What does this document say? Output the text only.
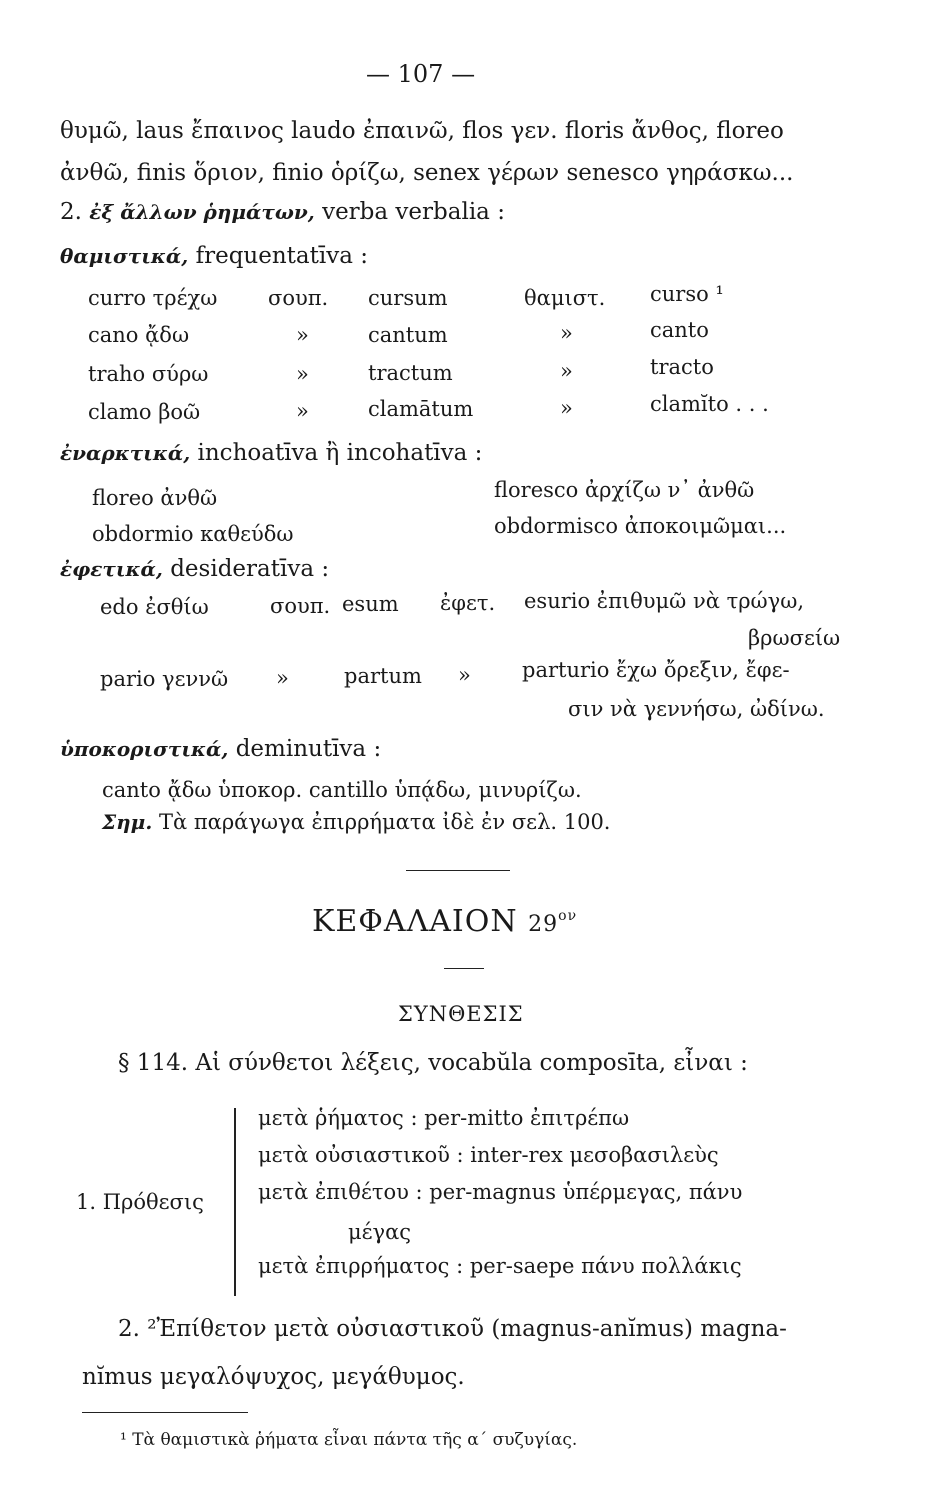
— 107 —
θυμῶ, laus ἔπαινος laudo ἐπαινῶ, flos γεν. floris ἄνθος, floreo
ἀνθῶ, finis ὅριον, finio ὁρίζω, senex γέρων senesco γηράσκω...
2. ἐξ ἄλλων ῥημάτων, verba verbalia :
θαμιστικά, frequentatīva :
curro τρέχω σουπ. cursum	θαμιστ. curso ¹
cano ᾄδω	»	cantum	»	canto
traho σύρω	»	tractum	»	tracto
clamo βοῶ	»	clamātum	»	clamĭto . . .
ἐναρκτικά, inchoatīva ἢ incohatīva :
floreo ἀνθῶ	floresco ἀρχίζω ν᾽ ἀνθῶ
obdormio καθεύδω	obdormisco ἀποκοιμῶμαι...
ἐφετικά, desideratīva :
edo ἐσθίω	σουπ. esum ἐφετ. esurio ἐπιθυμῶ νὰ τρώγω,
βρωσείω
pario γεννῶ »	partum » parturio ἔχω ὄρεξιν, ἔφε-
σιν νὰ γεννήσω, ὠδίνω.
ὑποκοριστικά, deminutīva :
canto ᾄδω ὑποκορ. cantillo ὑπᾴδω, μινυρίζω.
Σημ. Τὰ παράγωγα ἐπιρρήματα ἰδὲ ἐν σελ. 100.
ΚΕΦΑΛΑΙΟΝ $29^{o\nu}$
ΣΥΝΘΕΣΙΣ
§ 114. Αἱ σύνθετοι λέξεις, vocabŭla composīta, εἶναι :
1. Πρόθεσις
μετὰ ῥήματος : per-mitto ἐπιτρέπω
μετὰ οὐσιαστικοῦ : inter-rex μεσοβασιλεὺς
μετὰ ἐπιθέτου : per-magnus ὑπέρμεγας, πάνυ
μέγας
μετὰ ἐπιρρήματος : per-saepe πάνυ πολλάκις
2. ²Ἐπίθετον μετὰ οὐσιαστικοῦ (magnus-anĭmus) magna-
nĭmus μεγαλόψυχος, μεγάθυμος.
¹ Τὰ θαμιστικὰ ῥήματα εἶναι πάντα τῆς α´ συζυγίας.
